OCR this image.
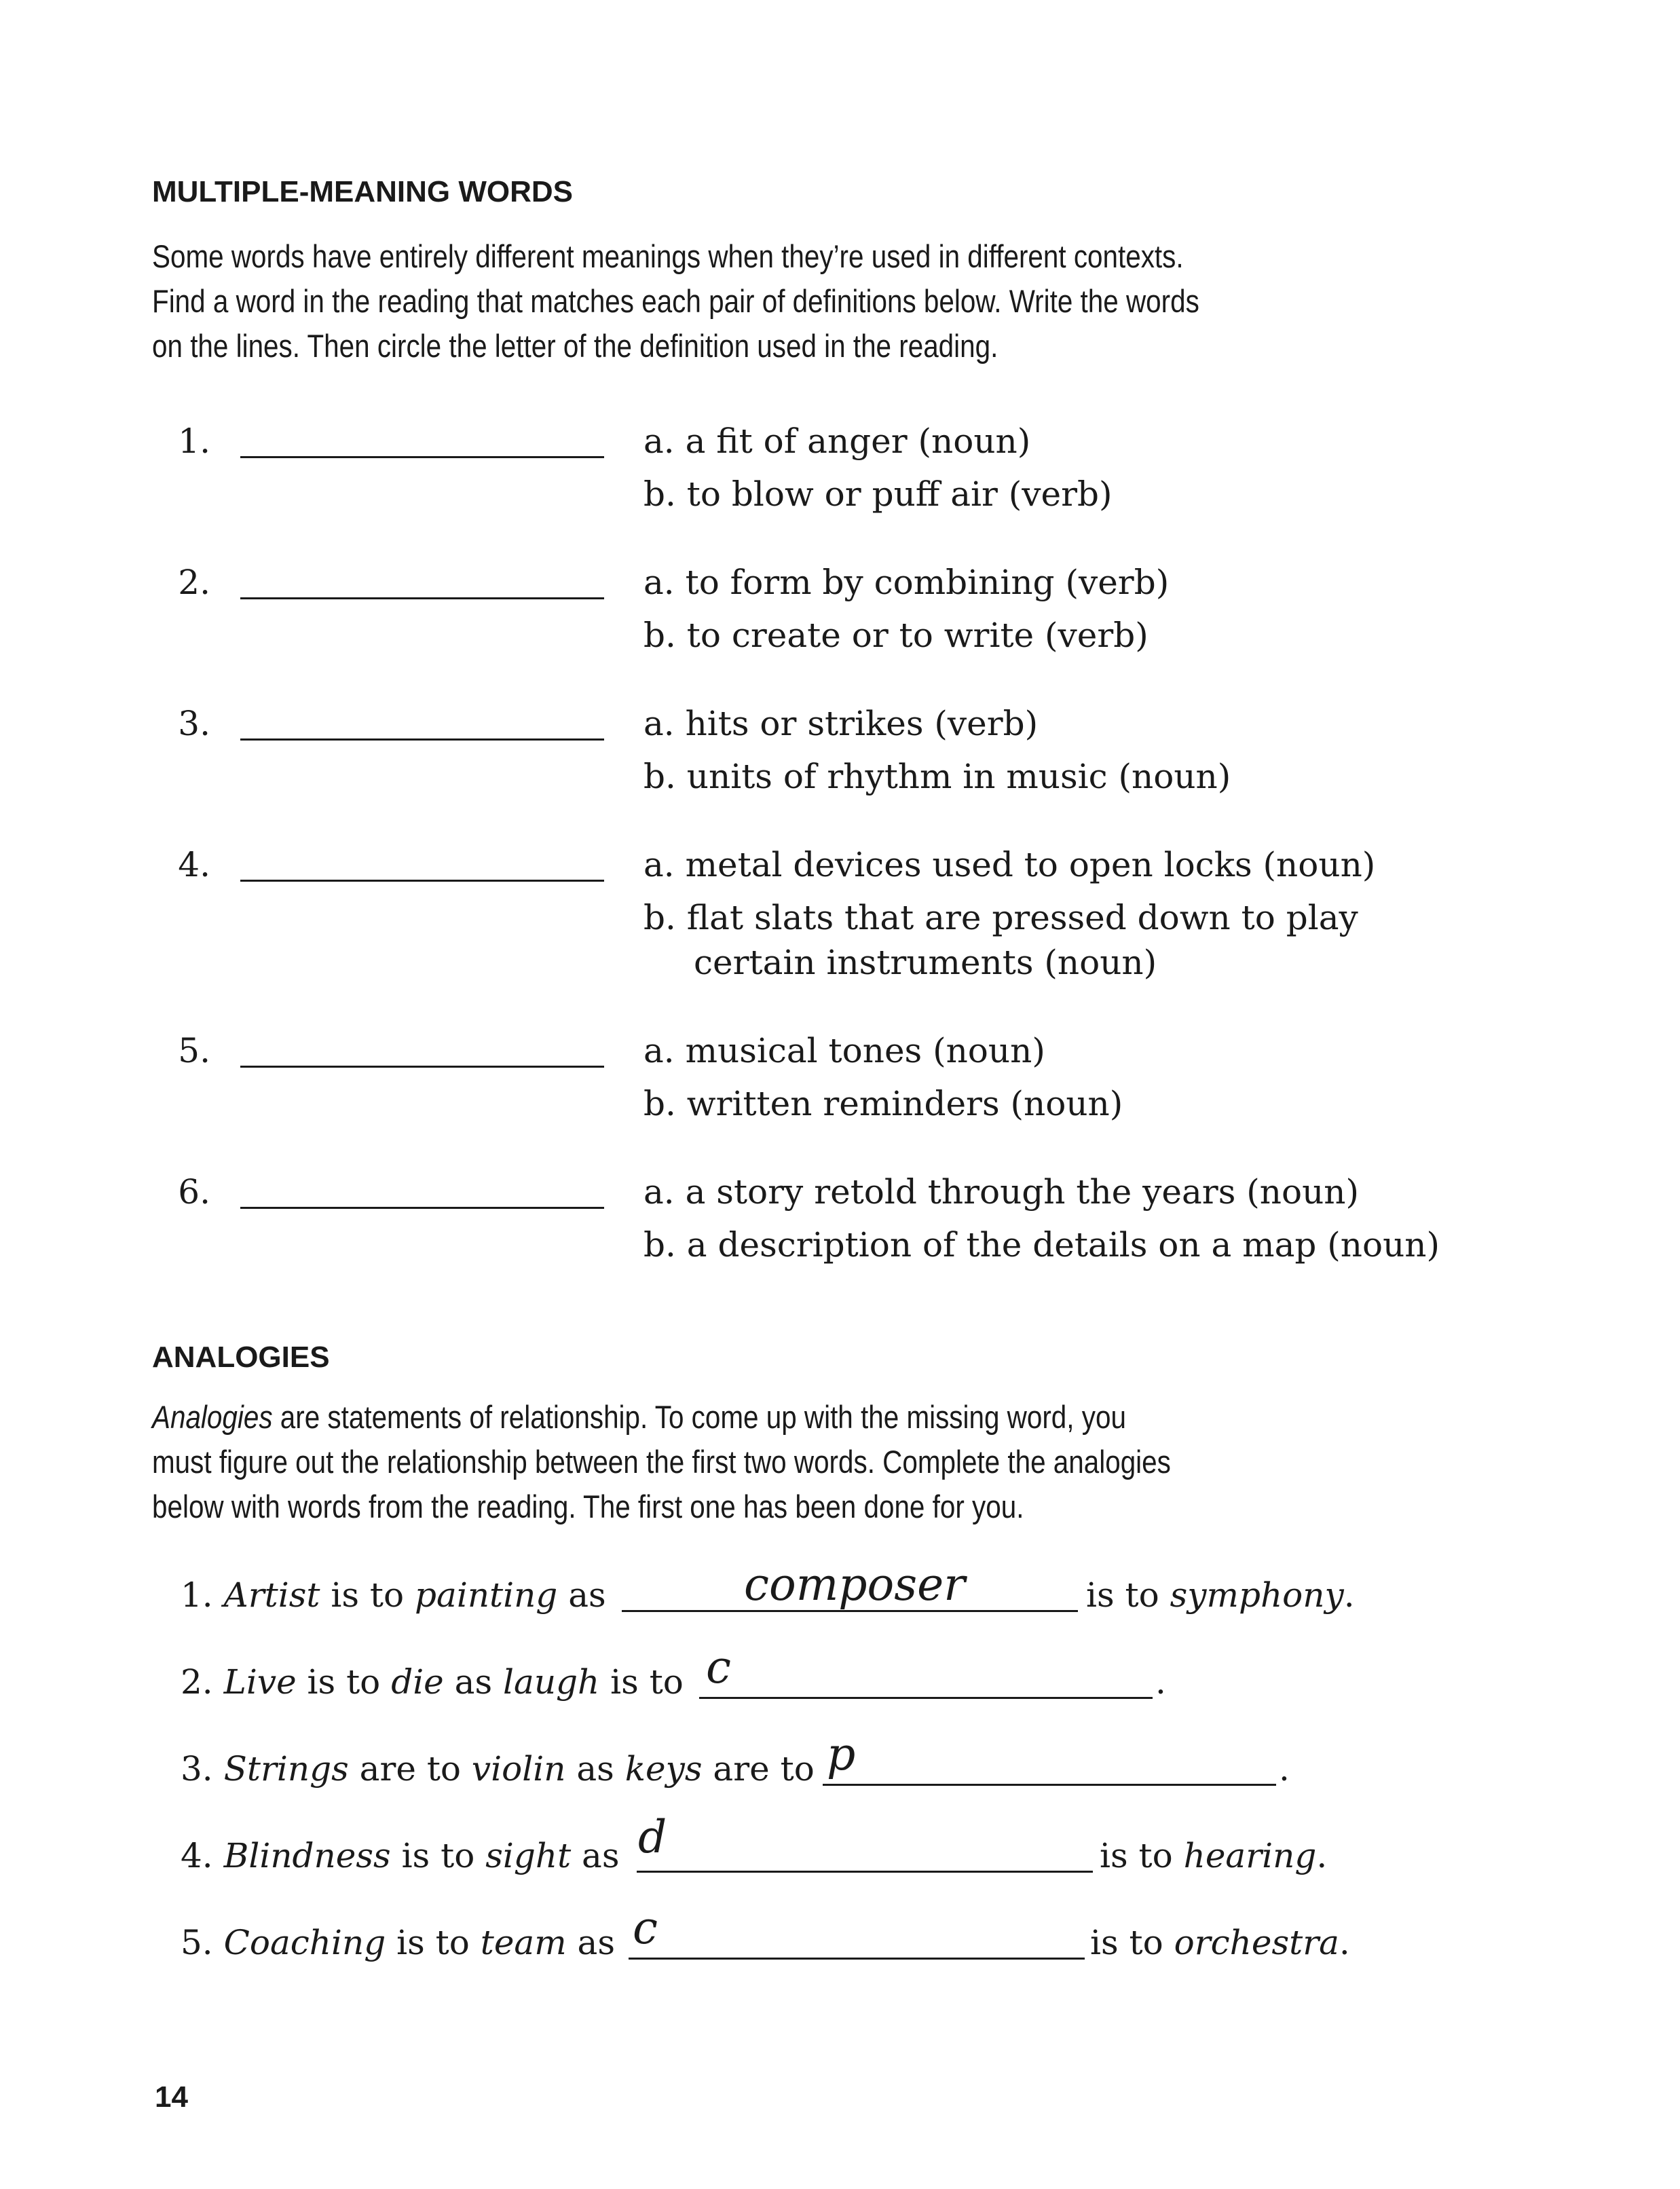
MULTIPLE-MEANING WORDS
Some words have entirely different meanings when they’re used in different contexts.
Find a word in the reading that matches each pair of definitions below. Write the words
on the lines. Then circle the letter of the definition used in the reading.
1.	a. a fit of anger (noun)
b. to blow or puff air (verb)
2.	a. to form by combining (verb)
b. to create or to write (verb)
3.	a. hits or strikes (verb)
b. units of rhythm in music (noun)
4.	a. metal devices used to open locks (noun)
b. flat slats that are pressed down to play
certain instruments (noun)
5.	a. musical tones (noun)
b. written reminders (noun)
6.	a. a story retold through the years (noun)
b. a description of the details on a map (noun)
ANALOGIES
Analogies are statements of relationship. To come up with the missing word, you
must figure out the relationship between the first two words. Complete the analogies
below with words from the reading. The first one has been done for you.
1. Artist is to painting as	composer	is to symphony.
2. Live is to die as laugh is to c	.
3. Strings are to violin as keys are to p	.
4. Blindness is to sight as d	is to hearing.
5. Coaching is to team as c	is to orchestra.
14
